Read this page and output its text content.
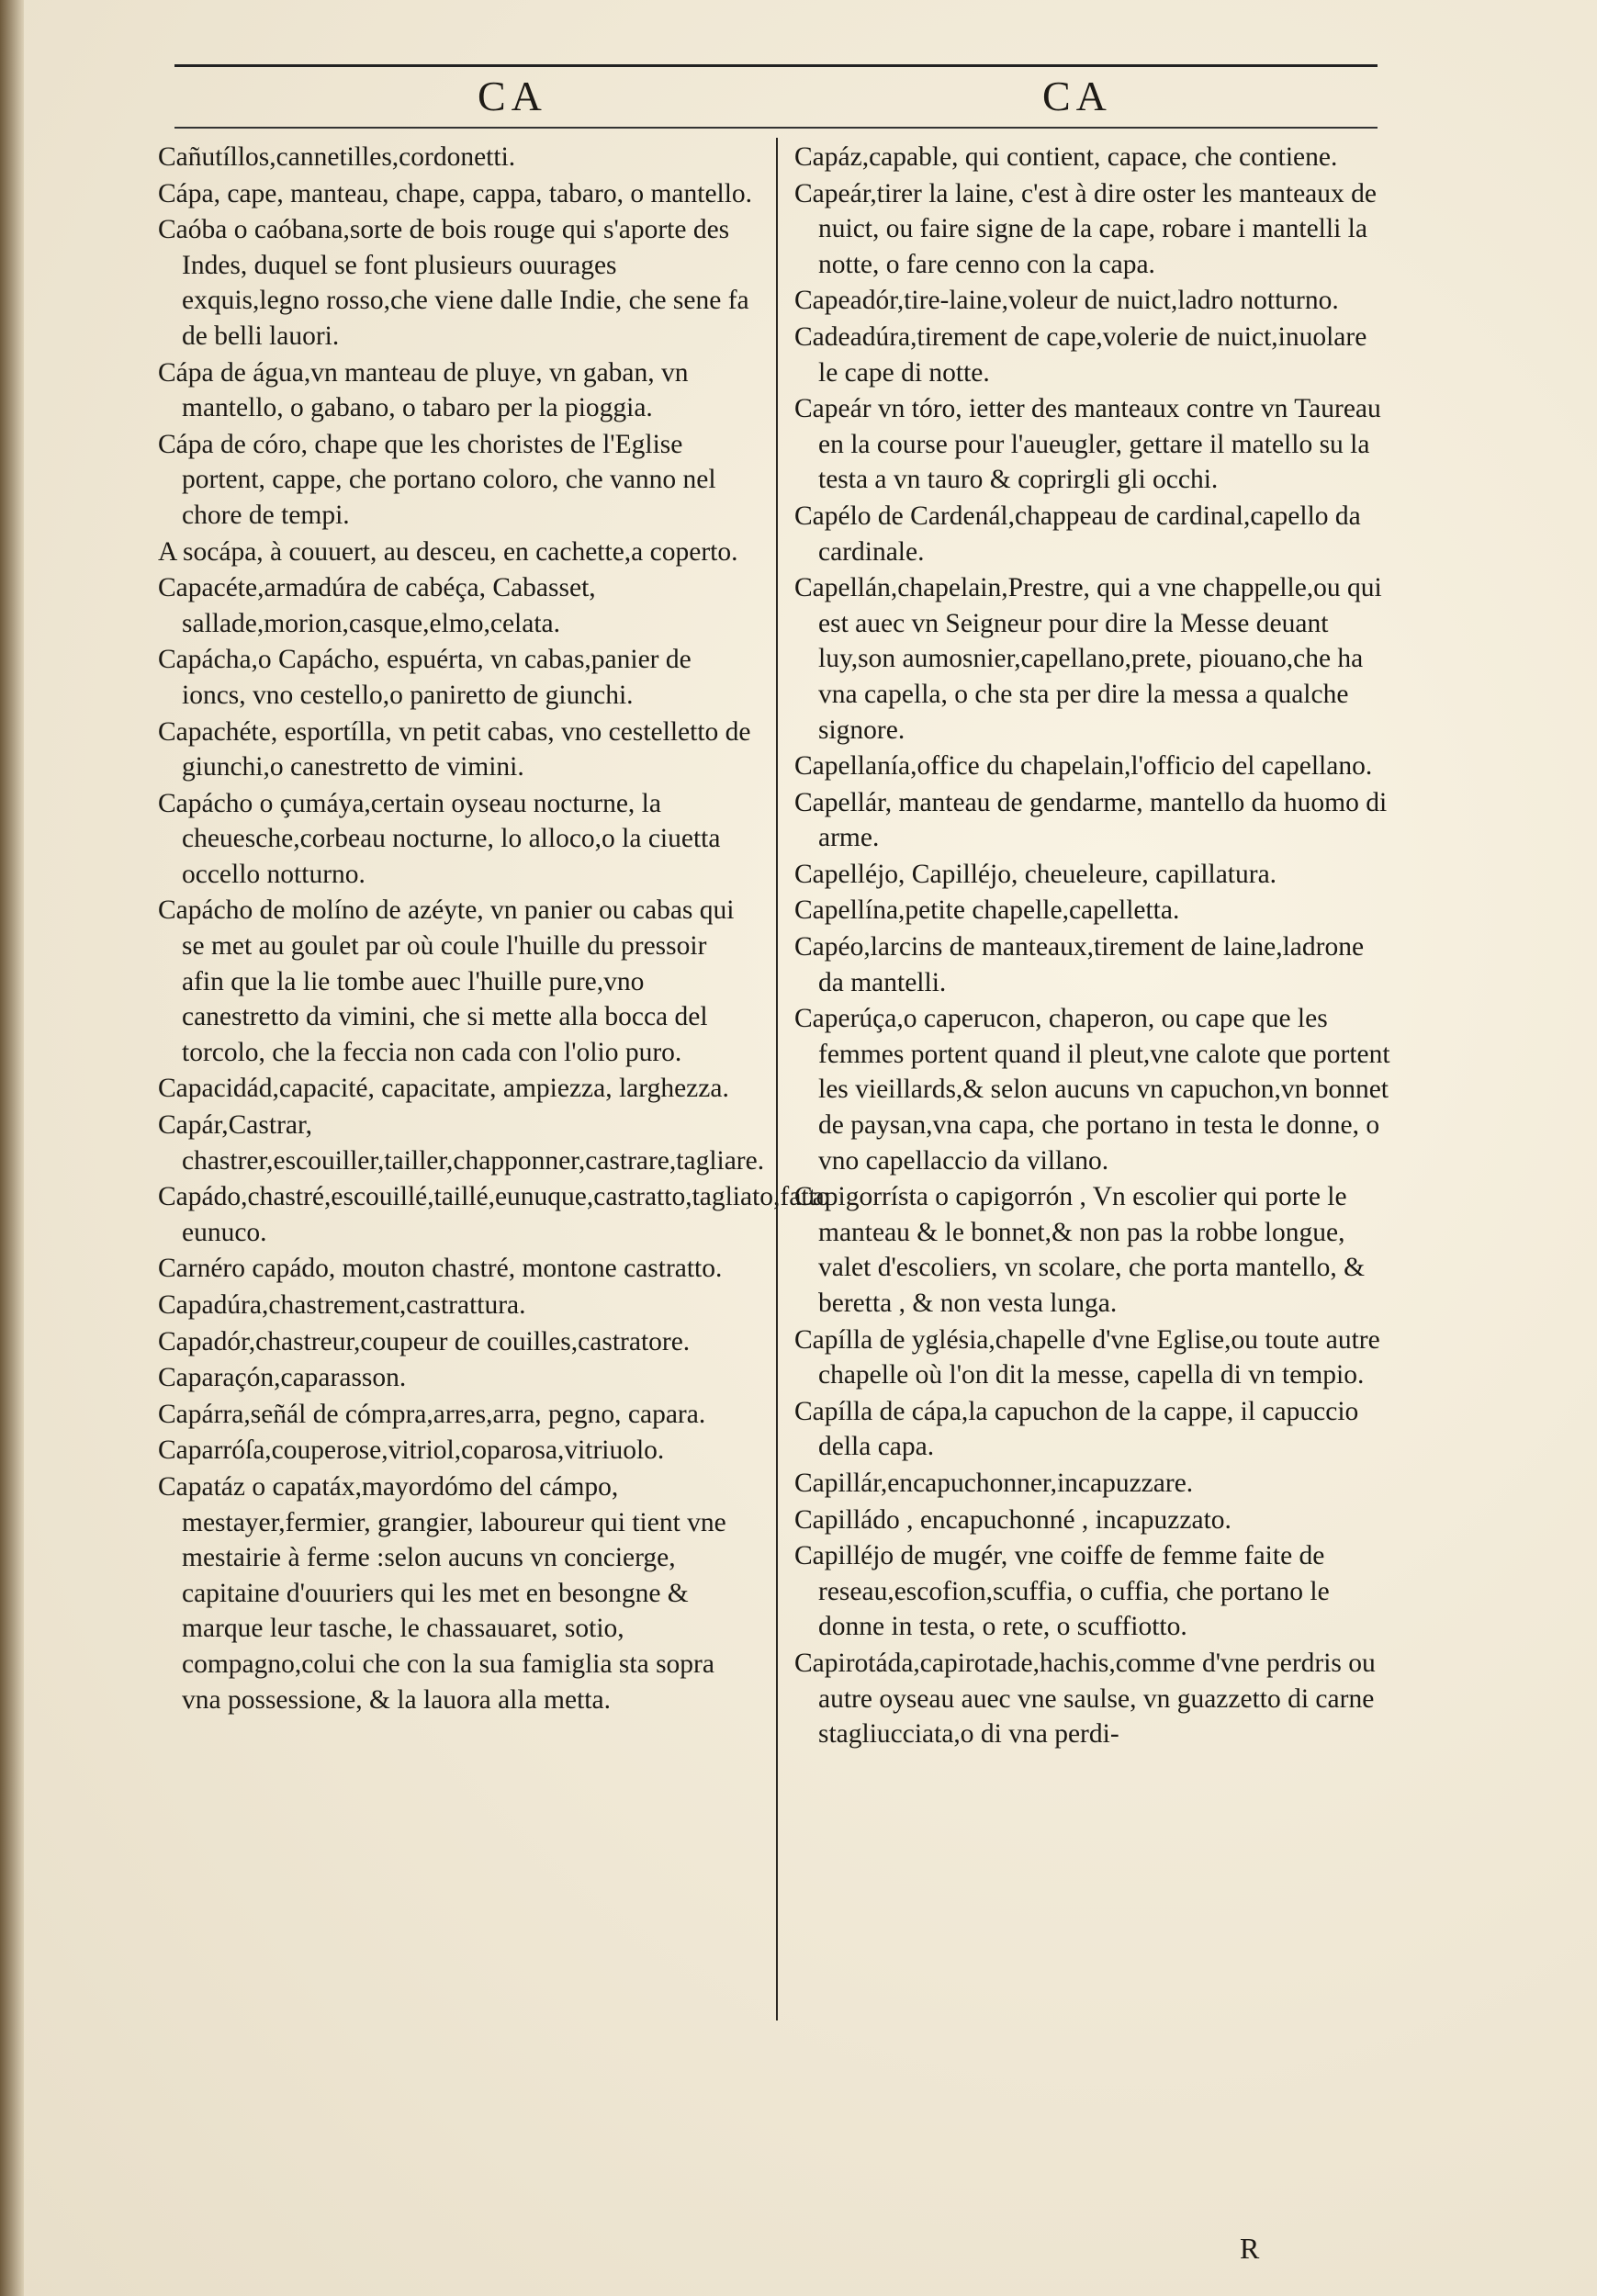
CA	CA

Cañutíllos,cannetilles,cordonetti.

Cápa, cape, manteau, chape, cappa, tabaro, o mantello.

Caóba o caóbana,sorte de bois rouge qui s'aporte des Indes, duquel se font plusieurs ouurages exquis,legno rosso,che viene dalle Indie, che sene fa de belli lauori.

Cápa de água,vn manteau de pluye, vn gaban, vn mantello, o gabano, o tabaro per la pioggia.

Cápa de córo, chape que les choristes de l'Eglise portent, cappe, che portano coloro, che vanno nel chore de tempi.

A socápa, à couuert, au desceu, en cachette,a coperto.

Capacéte,armadúra de cabéça, Cabasset, sallade,morion,casque,elmo,celata.

Capácha,o Capácho, espuérta, vn cabas,panier de ioncs, vno cestello,o paniretto de giunchi.

Capachéte, esportílla, vn petit cabas, vno cestelletto de giunchi,o canestretto de vimini.

Capácho o çumáya,certain oyseau nocturne, la cheuesche,corbeau nocturne, lo alloco,o la ciuetta occello notturno.

Capácho de molíno de azéyte, vn panier ou cabas qui se met au goulet par où coule l'huille du pressoir afin que la lie tombe auec l'huille pure,vno canestretto da vimini, che si mette alla bocca del torcolo, che la feccia non cada con l'olio puro.

Capacidád,capacité, capacitate, ampiezza, larghezza.

Capár,Castrar, chastrer,escouiller,tailler,chapponner,castrare,tagliare.

Capádo,chastré,escouillé,taillé,eunuque,castratto,tagliato,fatto eunuco.

Carnéro capádo, mouton chastré, montone castratto.

Capadúra,chastrement,castrattura.

Capadór,chastreur,coupeur de couilles,castratore.

Caparaçón,caparasson.

Capárra,señál de cómpra,arres,arra, pegno, capara.

Caparróſa,couperose,vitriol,coparosa,vitriuolo.

Capatáz o capatáx,mayordómo del cámpo, mestayer,fermier, grangier, laboureur qui tient vne mestairie à ferme :selon aucuns vn concierge, capitaine d'ouuriers qui les met en besongne & marque leur tasche, le chassauaret, sotio, compagno,colui che con la sua famiglia sta sopra vna possessione, & la lauora alla metta.

Capáz,capable, qui contient, capace, che contiene.

Capeár,tirer la laine, c'est à dire oster les manteaux de nuict, ou faire signe de la cape, robare i mantelli la notte, o fare cenno con la capa.

Capeadór,tire-laine,voleur de nuict,ladro notturno.

Cadeadúra,tirement de cape,volerie de nuict,inuolare le cape di notte.

Capeár vn tóro, ietter des manteaux contre vn Taureau en la course pour l'aueugler, gettare il matello su la testa a vn tauro & coprirgli gli occhi.

Capélo de Cardenál,chappeau de cardinal,capello da cardinale.

Capellán,chapelain,Prestre, qui a vne chappelle,ou qui est auec vn Seigneur pour dire la Messe deuant luy,son aumosnier,capellano,prete, piouano,che ha vna capella, o che sta per dire la messa a qualche signore.

Capellanía,office du chapelain,l'officio del capellano.

Capellár, manteau de gendarme, mantello da huomo di arme.

Capelléjo, Capilléjo, cheueleure, capillatura.

Capellína,petite chapelle,capelletta.

Capéo,larcins de manteaux,tirement de laine,ladrone da mantelli.

Caperúça,o caperucon, chaperon, ou cape que les femmes portent quand il pleut,vne calote que portent les vieillards,& selon aucuns vn capuchon,vn bonnet de paysan,vna capa, che portano in testa le donne, o vno capellaccio da villano.

Capigorrísta o capigorrón , Vn escolier qui porte le manteau & le bonnet,& non pas la robbe longue, valet d'escoliers, vn scolare, che porta mantello, & beretta , & non vesta lunga.

Capílla de yglésia,chapelle d'vne Eglise,ou toute autre chapelle où l'on dit la messe, capella di vn tempio.

Capílla de cápa,la capuchon de la cappe, il capuccio della capa.

Capillár,encapuchonner,incapuzzare.

Capilládo , encapuchonné , incapuzzato.

Capilléjo de mugér, vne coiffe de femme faite de reseau,escofion,scuffia, o cuffia, che portano le donne in testa, o rete, o scuffiotto.

Capirotáda,capirotade,hachis,comme d'vne perdris ou autre oyseau auec vne saulse, vn guazzetto di carne stagliucciata,o di vna perdi-

R
